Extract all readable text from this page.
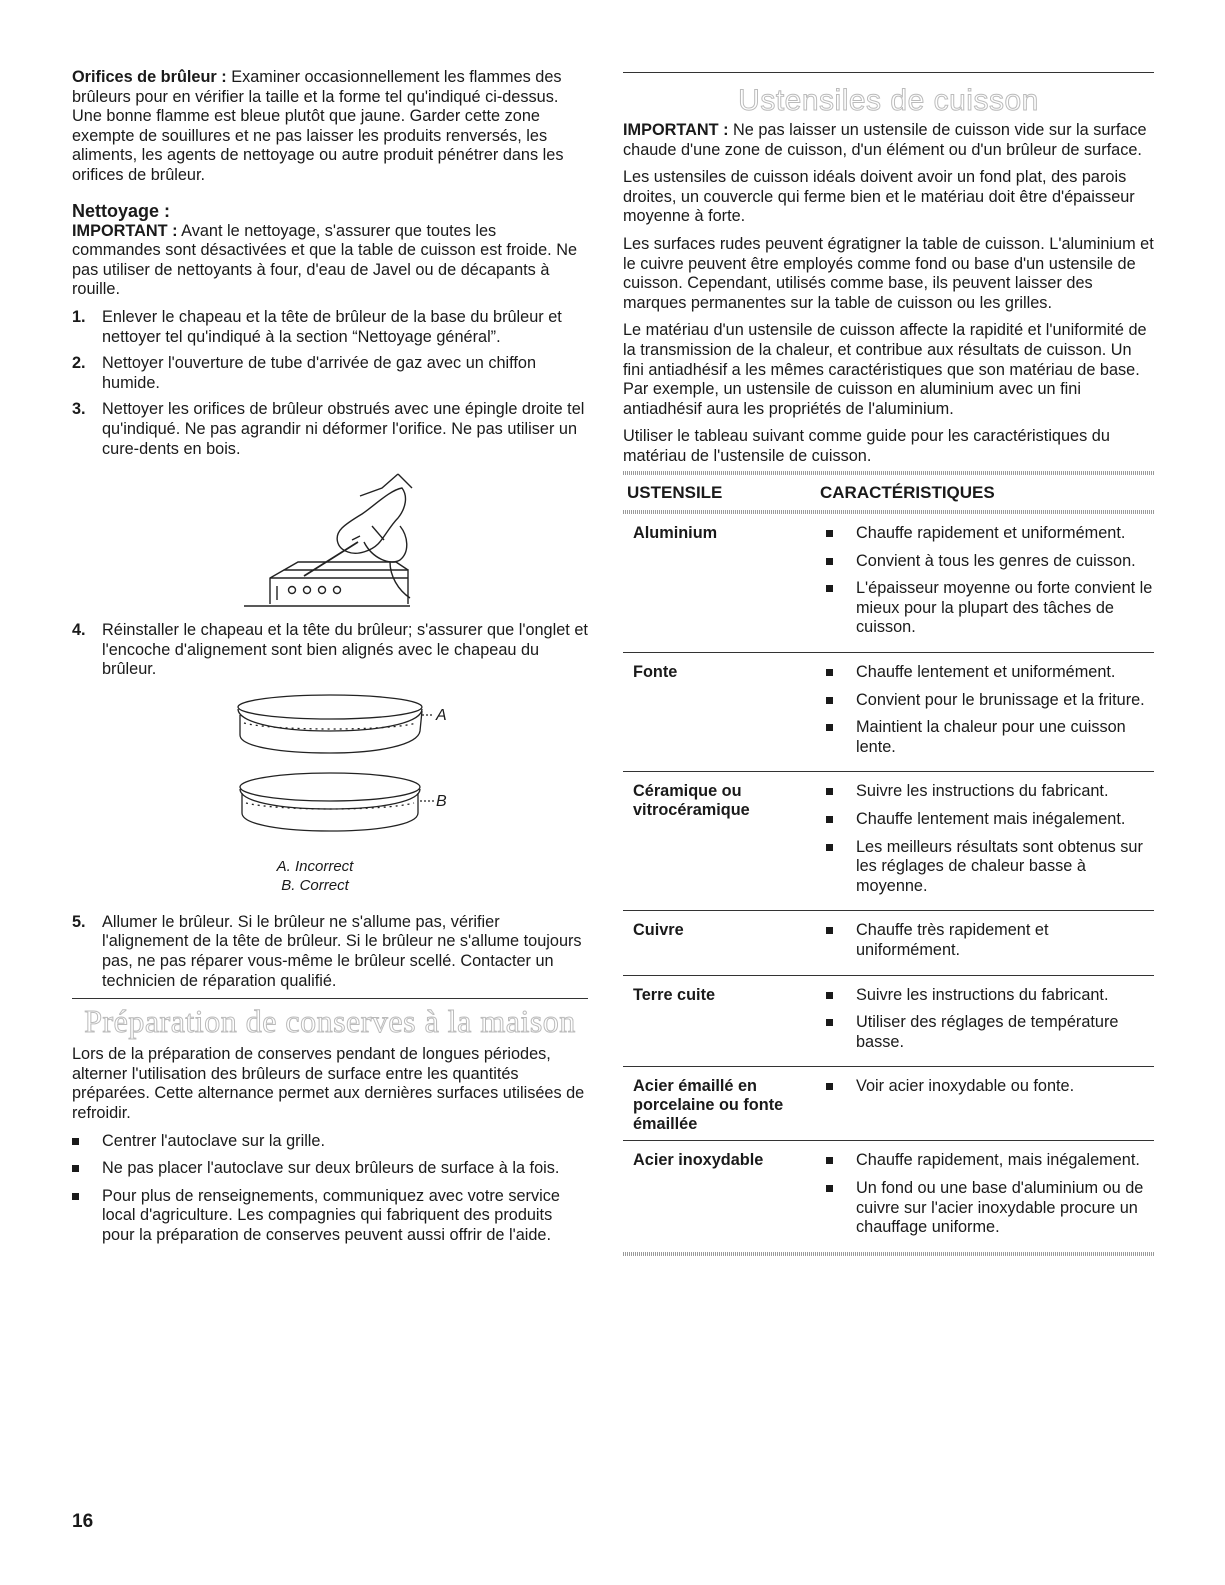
Orifices de brûleur : Examiner occasionnellement les flammes des brûleurs pour en vérifier la taille et la forme tel qu'indiqué ci-dessus. Une bonne flamme est bleue plutôt que jaune. Garder cette zone exempte de souillures et ne pas laisser les produits renversés, les aliments, les agents de nettoyage ou autre produit pénétrer dans les orifices de brûleur.

Nettoyage :

IMPORTANT : Avant le nettoyage, s'assurer que toutes les commandes sont désactivées et que la table de cuisson est froide. Ne pas utiliser de nettoyants à four, d'eau de Javel ou de décapants à rouille.

1. Enlever le chapeau et la tête de brûleur de la base du brûleur et nettoyer tel qu'indiqué à la section “Nettoyage général”.
2. Nettoyer l'ouverture de tube d'arrivée de gaz avec un chiffon humide.
3. Nettoyer les orifices de brûleur obstrués avec une épingle droite tel qu'indiqué. Ne pas agrandir ni déformer l'orifice. Ne pas utiliser un cure-dents en bois.
4. Réinstaller le chapeau et la tête du brûleur; s'assurer que l'onglet et l'encoche d'alignement sont bien alignés avec le chapeau du brûleur.
A
B

A. Incorrect

B. Correct

5. Allumer le brûleur. Si le brûleur ne s'allume pas, vérifier l'alignement de la tête de brûleur. Si le brûleur ne s'allume toujours pas, ne pas réparer vous-même le brûleur scellé. Contacter un technicien de réparation qualifié.
Préparation de conserves à la maison

Lors de la préparation de conserves pendant de longues périodes, alterner l'utilisation des brûleurs de surface entre les quantités préparées. Cette alternance permet aux dernières surfaces utilisées de refroidir.

Centrer l'autoclave sur la grille.
Ne pas placer l'autoclave sur deux brûleurs de surface à la fois.
Pour plus de renseignements, communiquez avec votre service local d'agriculture. Les compagnies qui fabriquent des produits pour la préparation de conserves peuvent aussi offrir de l'aide.
Ustensiles de cuisson

IMPORTANT : Ne pas laisser un ustensile de cuisson vide sur la surface chaude d'une zone de cuisson, d'un élément ou d'un brûleur de surface.

Les ustensiles de cuisson idéals doivent avoir un fond plat, des parois droites, un couvercle qui ferme bien et le matériau doit être d'épaisseur moyenne à forte.

Les surfaces rudes peuvent égratigner la table de cuisson. L'aluminium et le cuivre peuvent être employés comme fond ou base d'un ustensile de cuisson. Cependant, utilisés comme base, ils peuvent laisser des marques permanentes sur la table de cuisson ou les grilles.

Le matériau d'un ustensile de cuisson affecte la rapidité et l'uniformité de la transmission de la chaleur, et contribue aux résultats de cuisson. Un fini antiadhésif a les mêmes caractéristiques que son matériau de base. Par exemple, un ustensile de cuisson en aluminium avec un fini antiadhésif aura les propriétés de l'aluminium.

Utiliser le tableau suivant comme guide pour les caractéristiques du matériau de l'ustensile de cuisson.

USTENSILE	CARACTÉRISTIQUES
Aluminium	Chauffe rapidement et uniformément.
Convient à tous les genres de cuisson.
L'épaisseur moyenne ou forte convient le mieux pour la plupart des tâches de cuisson.

Fonte	Chauffe lentement et uniformément.
Convient pour le brunissage et la friture.
Maintient la chaleur pour une cuisson lente.

Céramique ou vitrocéramique	Suivre les instructions du fabricant.
Chauffe lentement mais inégalement.
Les meilleurs résultats sont obtenus sur les réglages de chaleur basse à moyenne.

Cuivre	Chauffe très rapidement et uniformément.

Terre cuite	Suivre les instructions du fabricant.
Utiliser des réglages de température basse.

Acier émaillé en porcelaine ou fonte émaillée	Voir acier inoxydable ou fonte.

Acier inoxydable	Chauffe rapidement, mais inégalement.
Un fond ou une base d'aluminium ou de cuivre sur l'acier inoxydable procure un chauffage uniforme.
16
